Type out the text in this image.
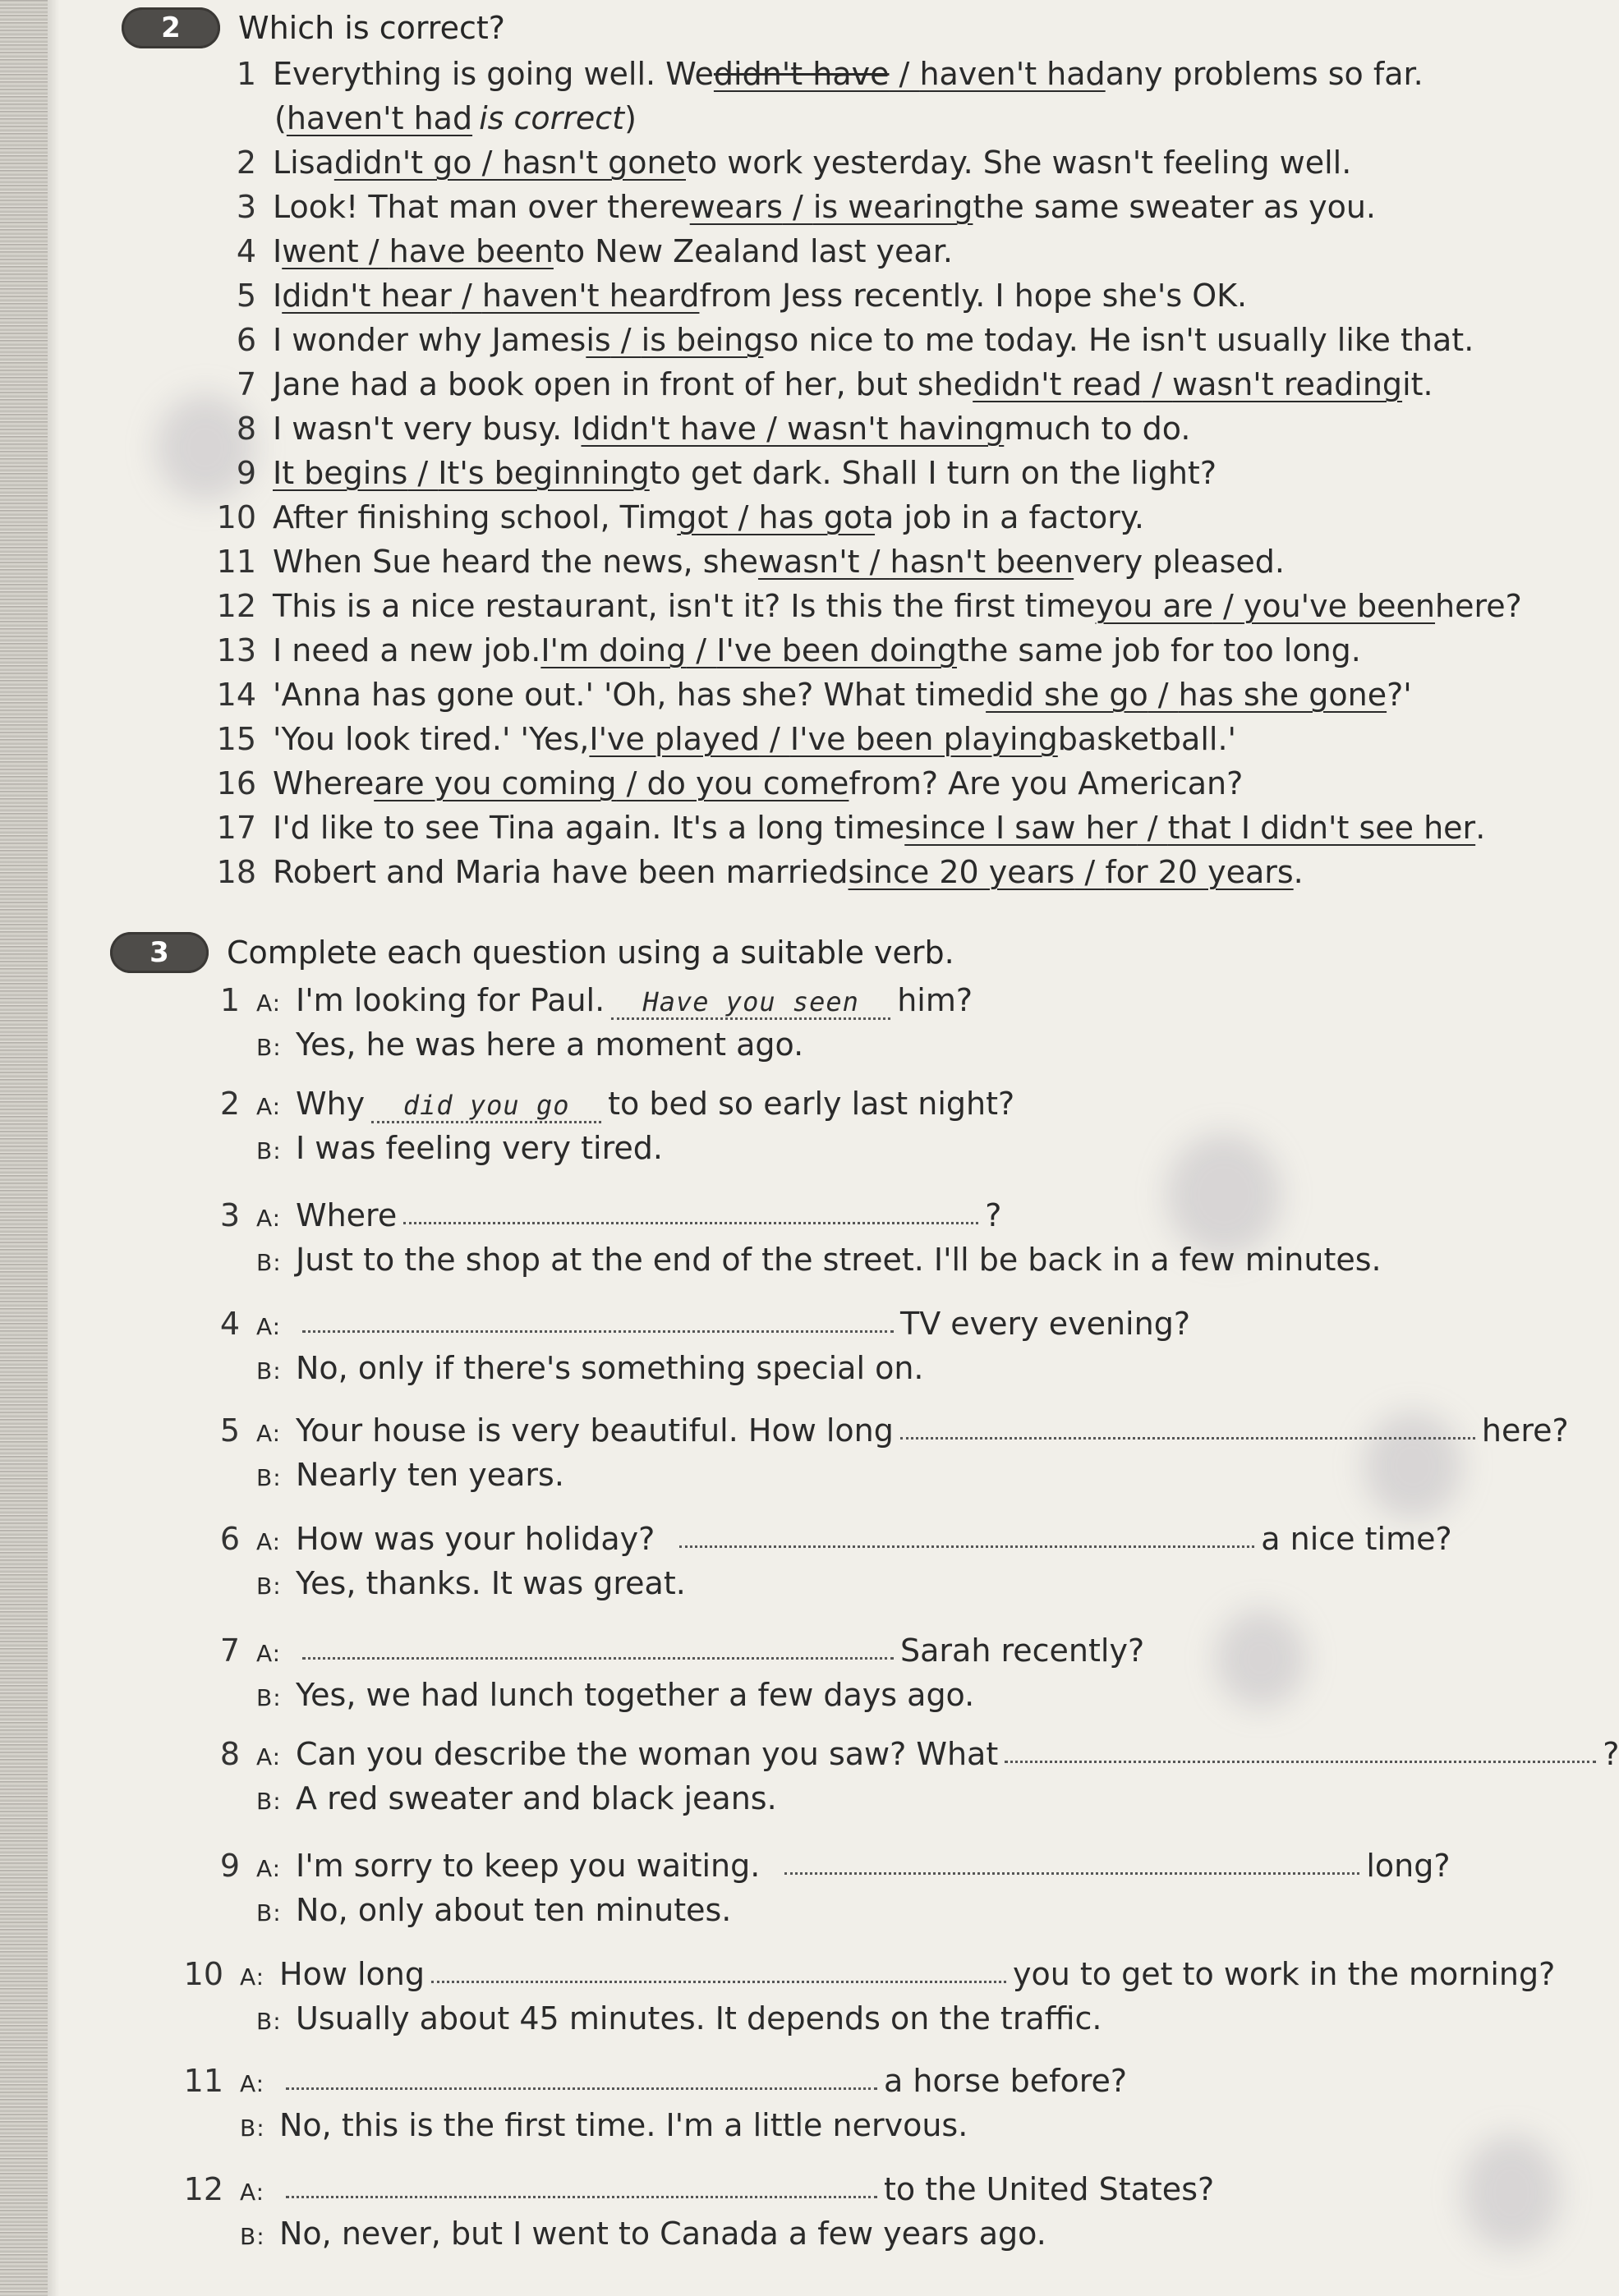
2	Which is correct?
1 Everything is going well. We didn't have / haven't had any problems so far.
(haven't had is correct)
2 Lisa didn't go / hasn't gone to work yesterday. She wasn't feeling well.
3 Look! That man over there wears / is wearing the same sweater as you.
4 I went / have been to New Zealand last year.
5 I didn't hear / haven't heard from Jess recently. I hope she's OK.
6 I wonder why James is / is being so nice to me today. He isn't usually like that.
7 Jane had a book open in front of her, but she didn't read / wasn't reading it.
8 I wasn't very busy. I didn't have / wasn't having much to do.
9 It begins / It's beginning to get dark. Shall I turn on the light?
10 After finishing school, Tim got / has got a job in a factory.
11 When Sue heard the news, she wasn't / hasn't been very pleased.
12 This is a nice restaurant, isn't it? Is this the first time you are / you've been here?
13 I need a new job. I'm doing / I've been doing the same job for too long.
14 'Anna has gone out.' 'Oh, has she? What time did she go / has she gone ?'
15 'You look tired.' 'Yes, I've played / I've been playing basketball.'
16 Where are you coming / do you come from? Are you American?
17 I'd like to see Tina again. It's a long time since I saw her / that I didn't see her .
18 Robert and Maria have been married since 20 years / for 20 years .
3	Complete each question using a suitable verb.
1 A: I'm looking for Paul.	Have you seen	him?
B: Yes, he was here a moment ago.
2 A: Why	did you go	to bed so early last night?
B: I was feeling very tired.
3 A: Where	?
B: Just to the shop at the end of the street. I'll be back in a few minutes.
4 A:	TV every evening?
B: No, only if there's something special on.
5 A: Your house is very beautiful. How long	here?
B: Nearly ten years.
6 A: How was your holiday?	a nice time?
B: Yes, thanks. It was great.
7 A:	Sarah recently?
B: Yes, we had lunch together a few days ago.
8 A: Can you describe the woman you saw? What	?
B: A red sweater and black jeans.
9 A: I'm sorry to keep you waiting.	long?
B: No, only about ten minutes.
10 A: How long	you to get to work in the morning?
B: Usually about 45 minutes. It depends on the traffic.
11 A:	a horse before?
B: No, this is the first time. I'm a little nervous.
12 A:	to the United States?
B: No, never, but I went to Canada a few years ago.
